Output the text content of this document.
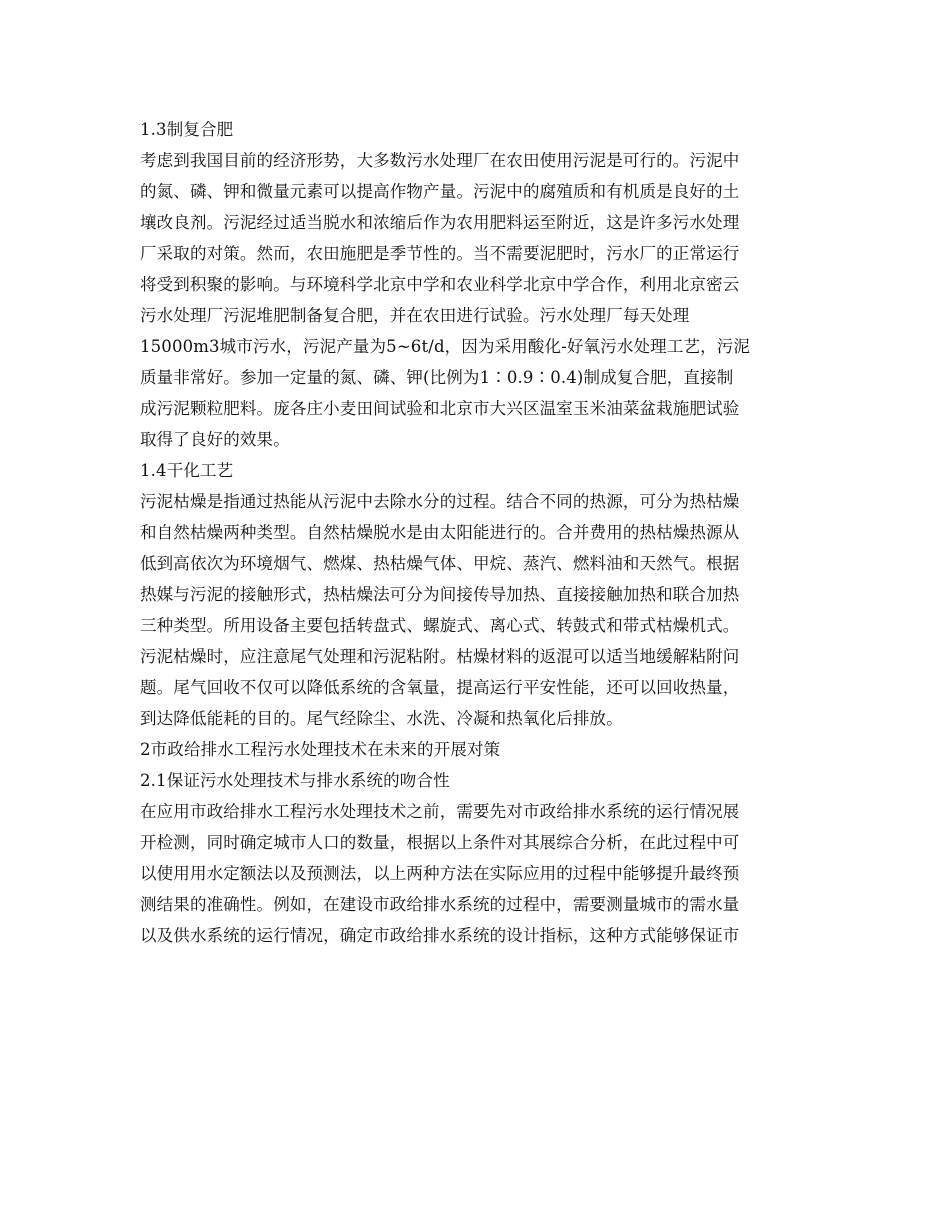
1.3制复合肥
考虑到我国目前的经济形势，大多数污水处理厂在农田使用污泥是可行的。污泥中
的氮、磷、钾和微量元素可以提高作物产量。污泥中的腐殖质和有机质是良好的土
壤改良剂。污泥经过适当脱水和浓缩后作为农用肥料运至附近，这是许多污水处理
厂采取的对策。然而，农田施肥是季节性的。当不需要泥肥时，污水厂的正常运行
将受到积聚的影响。与环境科学北京中学和农业科学北京中学合作，利用北京密云
污水处理厂污泥堆肥制备复合肥，并在农田进行试验。污水处理厂每天处理
15000m3城市污水，污泥产量为5~6t/d，因为采用酸化-好氧污水处理工艺，污泥
质量非常好。参加一定量的氮、磷、钾(比例为1∶0.9∶0.4)制成复合肥，直接制
成污泥颗粒肥料。庞各庄小麦田间试验和北京市大兴区温室玉米油菜盆栽施肥试验
取得了良好的效果。
1.4干化工艺
污泥枯燥是指通过热能从污泥中去除水分的过程。结合不同的热源，可分为热枯燥
和自然枯燥两种类型。自然枯燥脱水是由太阳能进行的。合并费用的热枯燥热源从
低到高依次为环境烟气、燃煤、热枯燥气体、甲烷、蒸汽、燃料油和天然气。根据
热媒与污泥的接触形式，热枯燥法可分为间接传导加热、直接接触加热和联合加热
三种类型。所用设备主要包括转盘式、螺旋式、离心式、转鼓式和带式枯燥机式。
污泥枯燥时，应注意尾气处理和污泥粘附。枯燥材料的返混可以适当地缓解粘附问
题。尾气回收不仅可以降低系统的含氧量，提高运行平安性能，还可以回收热量，
到达降低能耗的目的。尾气经除尘、水洗、冷凝和热氧化后排放。
2市政给排水工程污水处理技术在未来的开展对策
2.1保证污水处理技术与排水系统的吻合性
在应用市政给排水工程污水处理技术之前，需要先对市政给排水系统的运行情况展
开检测，同时确定城市人口的数量，根据以上条件对其展综合分析，在此过程中可
以使用用水定额法以及预测法，以上两种方法在实际应用的过程中能够提升最终预
测结果的准确性。例如，在建设市政给排水系统的过程中，需要测量城市的需水量
以及供水系统的运行情况，确定市政给排水系统的设计指标，这种方式能够保证市
